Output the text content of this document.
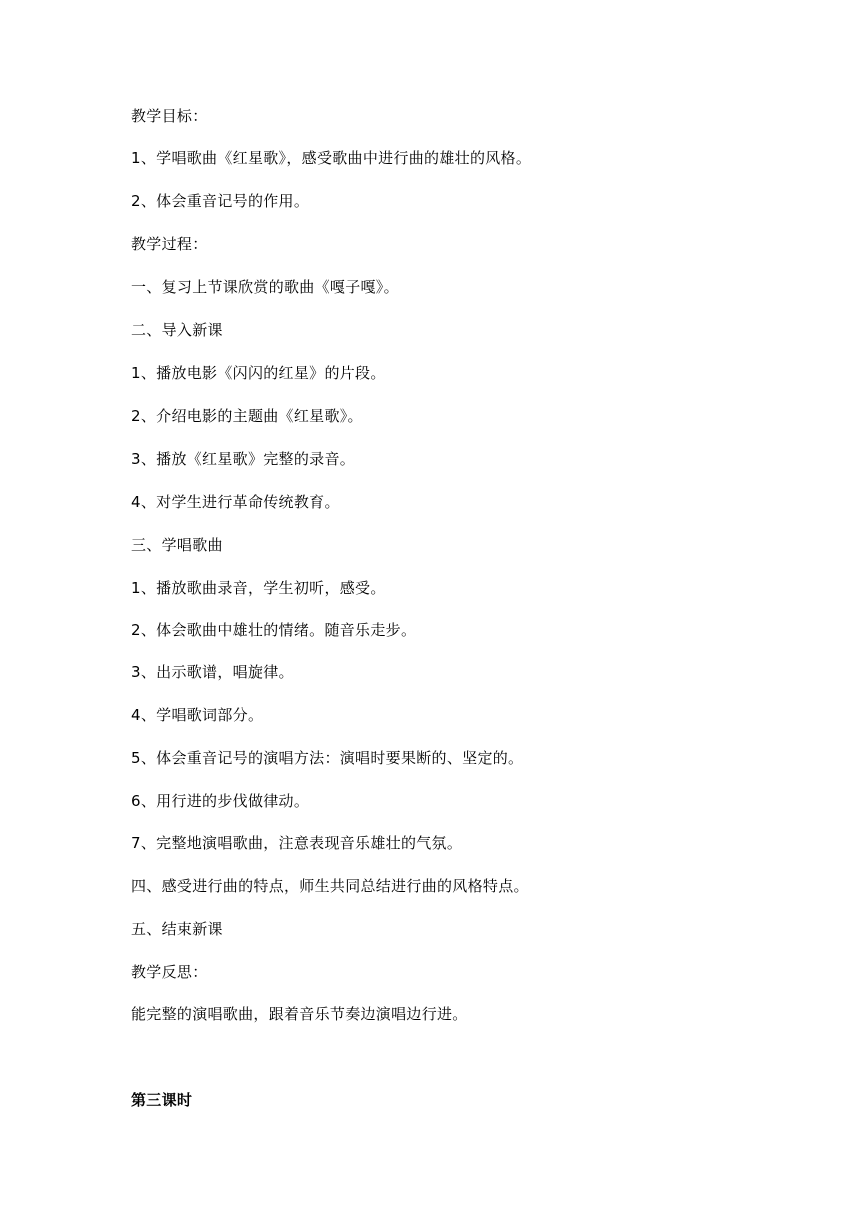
教学目标：
1、学唱歌曲《红星歌》，感受歌曲中进行曲的雄壮的风格。
2、体会重音记号的作用。
教学过程：
一、复习上节课欣赏的歌曲《嘎子嘎》。
二、导入新课
1、播放电影《闪闪的红星》的片段。
2、介绍电影的主题曲《红星歌》。
3、播放《红星歌》完整的录音。
4、对学生进行革命传统教育。
三、学唱歌曲
1、播放歌曲录音，学生初听，感受。
2、体会歌曲中雄壮的情绪。随音乐走步。
3、出示歌谱，唱旋律。
4、学唱歌词部分。
5、体会重音记号的演唱方法：演唱时要果断的、坚定的。
6、用行进的步伐做律动。
7、完整地演唱歌曲，注意表现音乐雄壮的气氛。
四、感受进行曲的特点，师生共同总结进行曲的风格特点。
五、结束新课
教学反思：
能完整的演唱歌曲，跟着音乐节奏边演唱边行进。
第三课时
